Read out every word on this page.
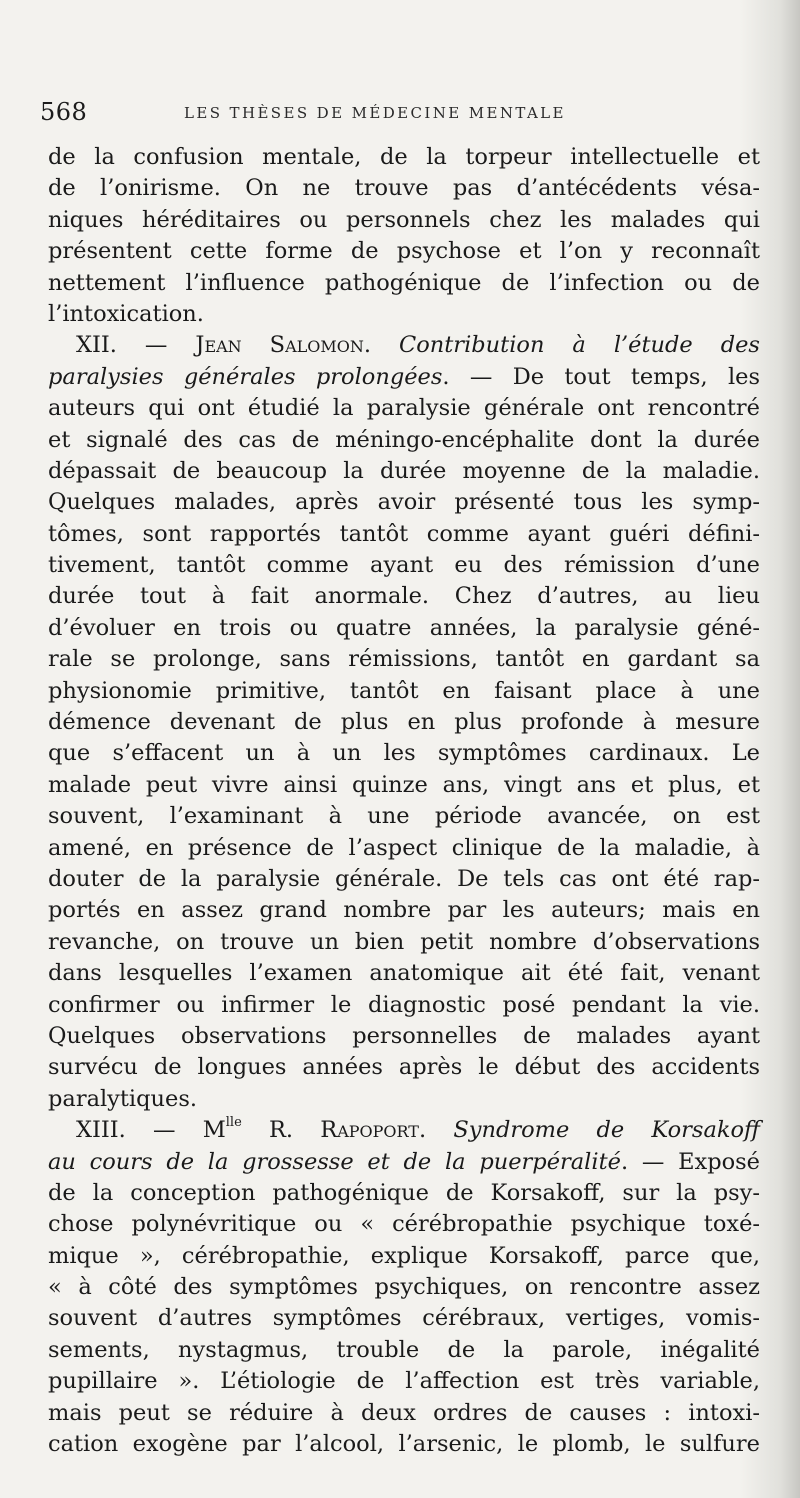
568	LES THÈSES DE MÉDECINE MENTALE
de la confusion mentale, de la torpeur intellectuelle et
de l’onirisme. On ne trouve pas d’antécédents vésa-
niques héréditaires ou personnels chez les malades qui
présentent cette forme de psychose et l’on y reconnaît
nettement l’influence pathogénique de l’infection ou de
l’intoxication.
XII. — Jean Salomon. Contribution à l’étude des
paralysies générales prolongées. — De tout temps, les
auteurs qui ont étudié la paralysie générale ont rencontré
et signalé des cas de méningo-encéphalite dont la durée
dépassait de beaucoup la durée moyenne de la maladie.
Quelques malades, après avoir présenté tous les symp-
tômes, sont rapportés tantôt comme ayant guéri défini-
tivement, tantôt comme ayant eu des rémission d’une
durée tout à fait anormale. Chez d’autres, au lieu
d’évoluer en trois ou quatre années, la paralysie géné-
rale se prolonge, sans rémissions, tantôt en gardant sa
physionomie primitive, tantôt en faisant place à une
démence devenant de plus en plus profonde à mesure
que s’effacent un à un les symptômes cardinaux. Le
malade peut vivre ainsi quinze ans, vingt ans et plus, et
souvent, l’examinant à une période avancée, on est
amené, en présence de l’aspect clinique de la maladie, à
douter de la paralysie générale. De tels cas ont été rap-
portés en assez grand nombre par les auteurs; mais en
revanche, on trouve un bien petit nombre d’observations
dans lesquelles l’examen anatomique ait été fait, venant
confirmer ou infirmer le diagnostic posé pendant la vie.
Quelques observations personnelles de malades ayant
survécu de longues années après le début des accidents
paralytiques.
XIII. — $M^{lle}$ R. Rapoport. Syndrome de Korsakoff
au cours de la grossesse et de la puerpéralité. — Exposé
de la conception pathogénique de Korsakoff, sur la psy-
chose polynévritique ou « cérébropathie psychique toxé-
mique », cérébropathie, explique Korsakoff, parce que,
« à côté des symptômes psychiques, on rencontre assez
souvent d’autres symptômes cérébraux, vertiges, vomis-
sements, nystagmus, trouble de la parole, inégalité
pupillaire ». L’étiologie de l’affection est très variable,
mais peut se réduire à deux ordres de causes : intoxi-
cation exogène par l’alcool, l’arsenic, le plomb, le sulfure
